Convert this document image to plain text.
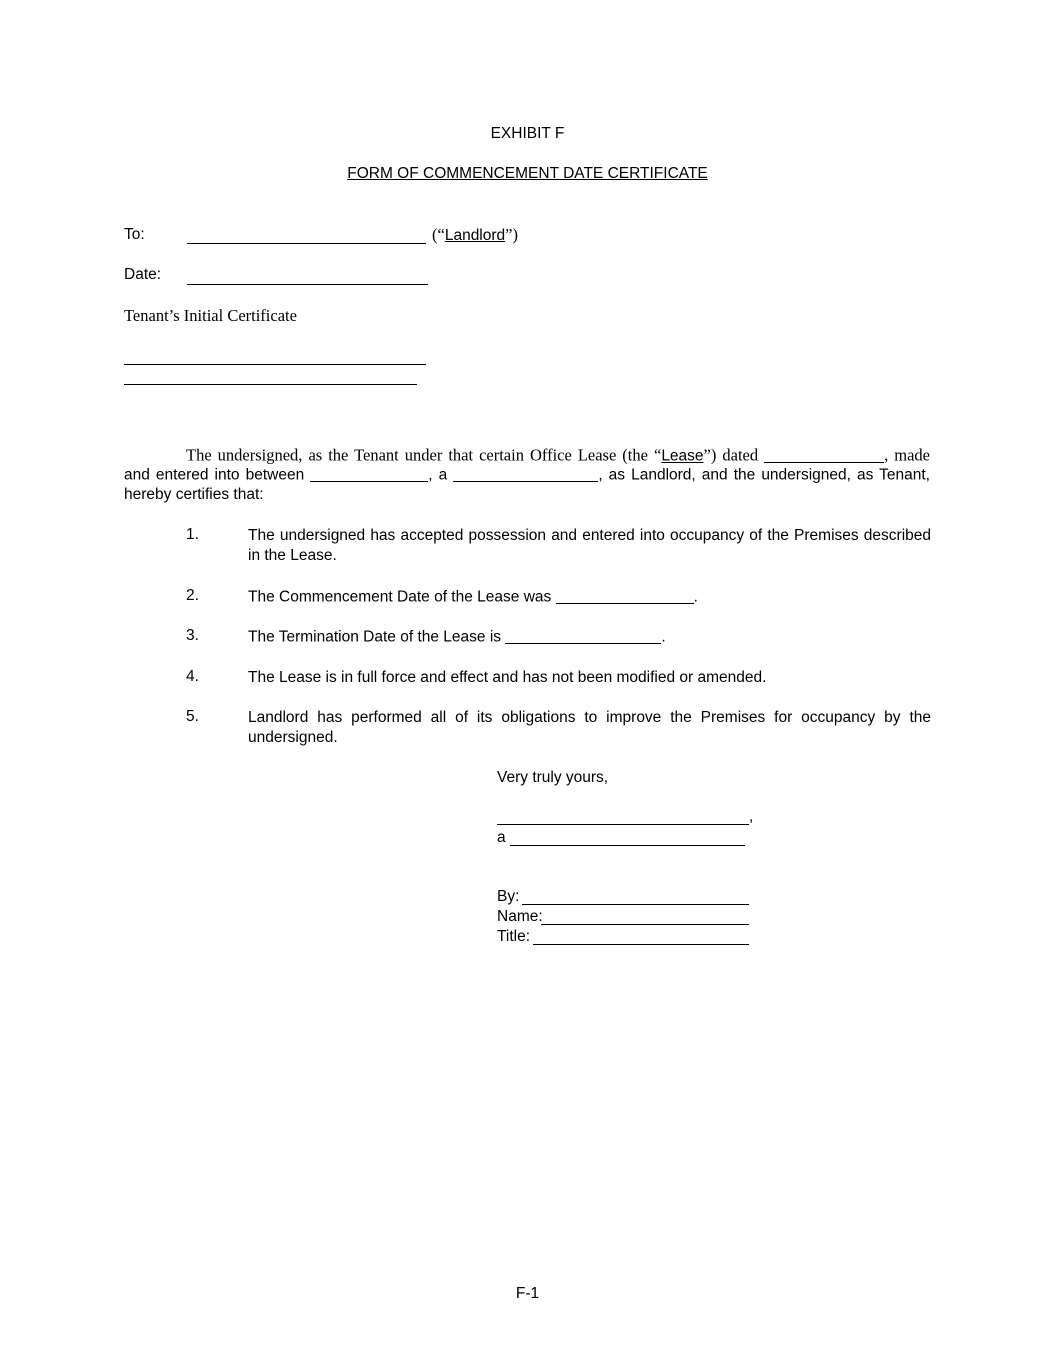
EXHIBIT F
FORM OF COMMENCEMENT DATE CERTIFICATE
To:	(“Landlord”)
Date:
Tenant’s Initial Certificate
The undersigned, as the Tenant under that certain Office Lease (the “Lease”) dated	, made
and entered into between	, a	, as Landlord, and the undersigned, as Tenant,
hereby certifies that:
1.	The undersigned has accepted possession and entered into occupancy of the Premises described in the Lease.
2.	The Commencement Date of the Lease was	.
3.	The Termination Date of the Lease is	.
4.	The Lease is in full force and effect and has not been modified or amended.
5.	Landlord has performed all of its obligations to improve the Premises for occupancy by the undersigned.
Very truly yours,
,
a
By:
Name:
Title:
F-1
